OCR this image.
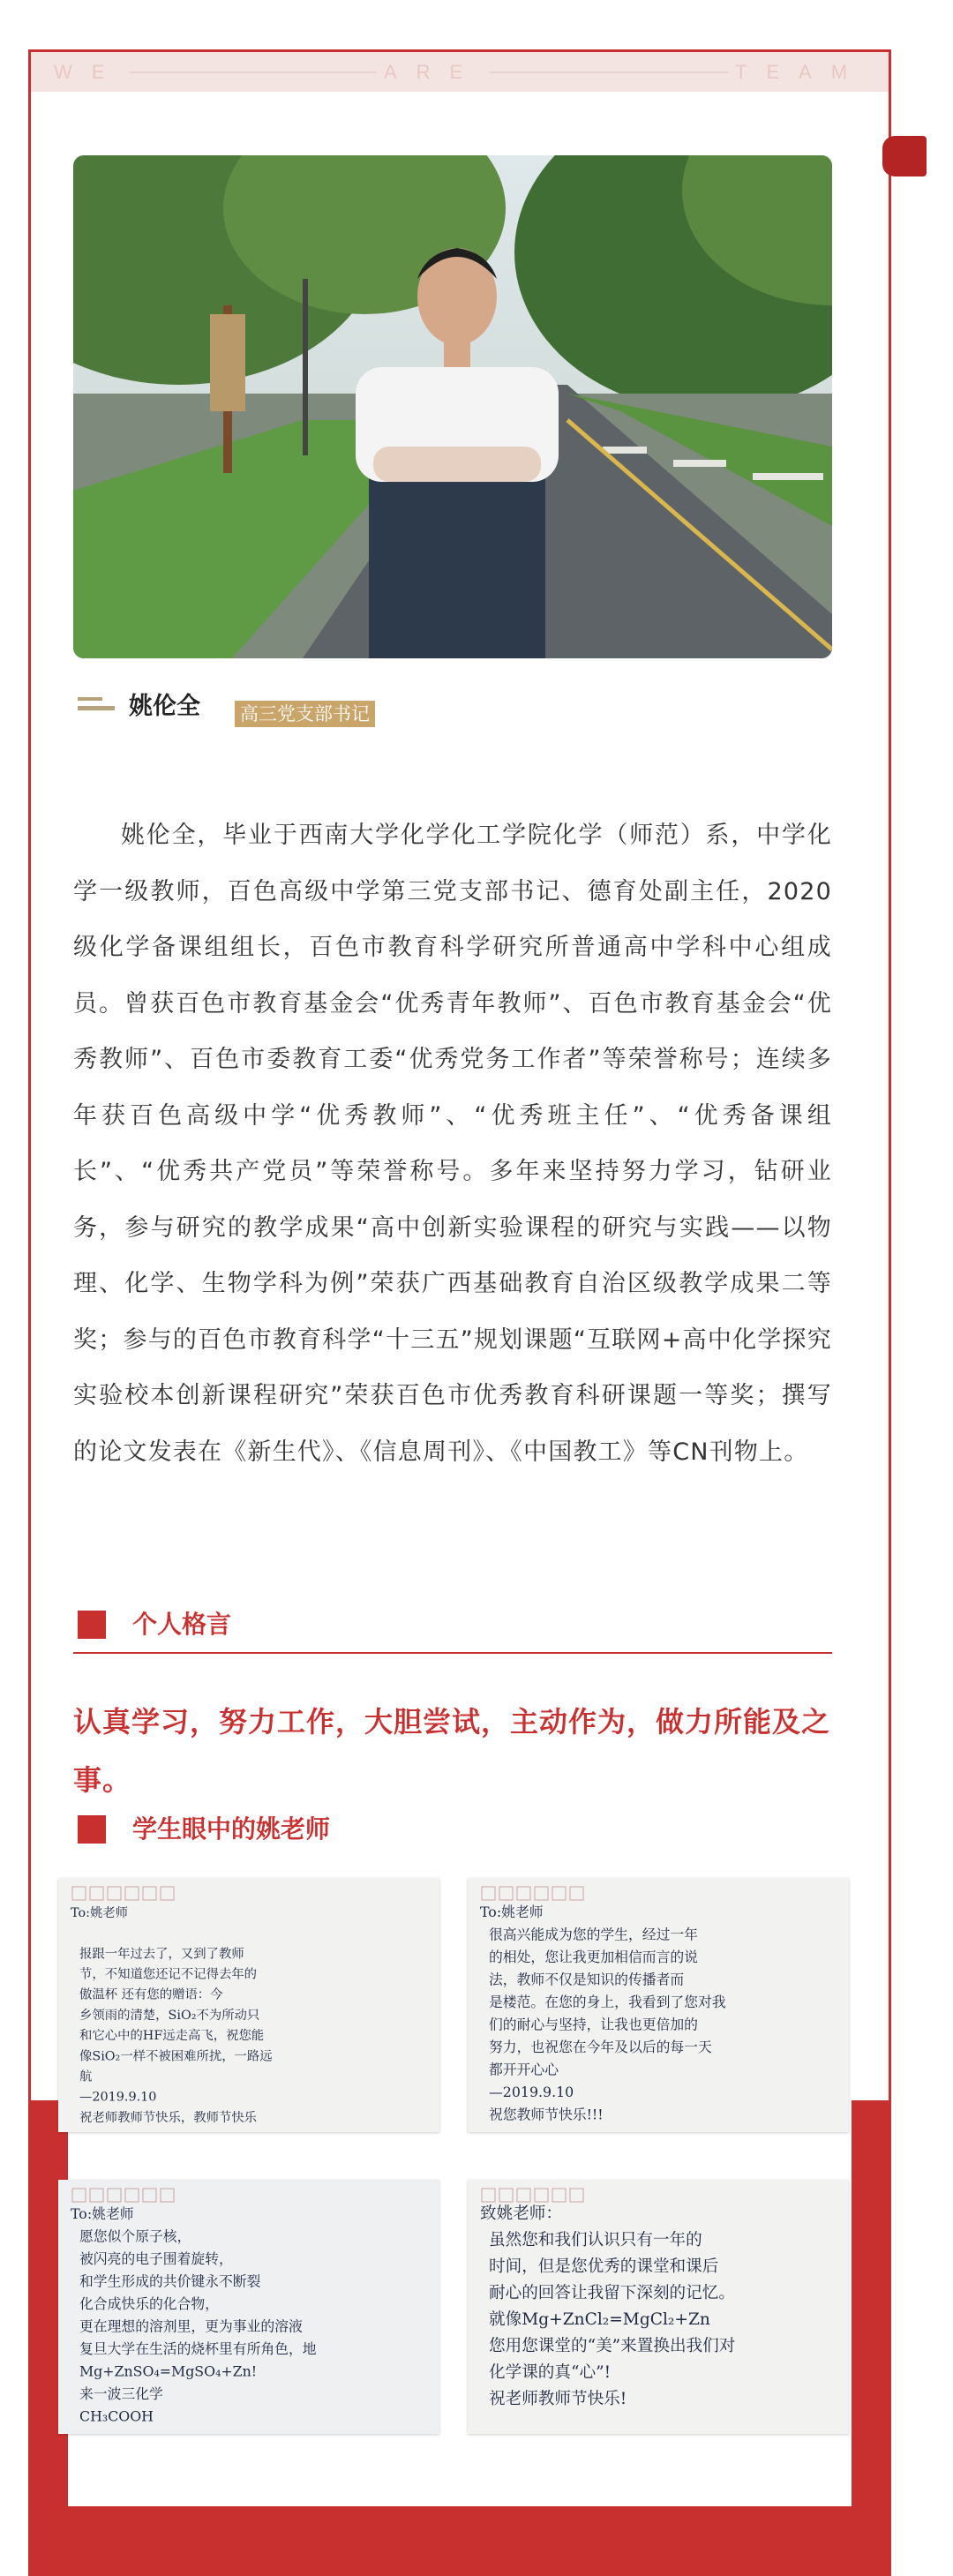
WE	ARE	TEAM
姚伦全 高三党支部书记

姚伦全，毕业于西南大学化学化工学院化学（师范）系，中学化学一级教师，百色高级中学第三党支部书记、德育处副主任，2020级化学备课组组长，百色市教育科学研究所普通高中学科中心组成员。曾获百色市教育基金会“优秀青年教师”、百色市教育基金会“优秀教师”、百色市委教育工委“优秀党务工作者”等荣誉称号；连续多年获百色高级中学“优秀教师”、“优秀班主任”、“优秀备课组长”、“优秀共产党员”等荣誉称号。多年来坚持努力学习，钻研业务，参与研究的教学成果“高中创新实验课程的研究与实践——以物理、化学、生物学科为例”荣获广西基础教育自治区级教学成果二等奖；参与的百色市教育科学“十三五”规划课题“互联网+高中化学探究实验校本创新课程研究”荣获百色市优秀教育科研课题一等奖；撰写的论文发表在《新生代》、《信息周刊》、《中国教工》等CN刊物上。

个人格言

认真学习，努力工作，大胆尝试，主动作为，做力所能及之事。

学生眼中的姚老师
To:姚老师
报跟一年过去了，又到了教师
节，不知道您还记不记得去年的
傲温杯 还有您的赠语：今
乡领雨的清楚，SiO₂不为所动只
和它心中的HF远走高飞，祝您能
像SiO₂一样不被困难所扰，一路远
航
—2019.9.10
祝老师教师节快乐，教师节快乐
To:姚老师
很高兴能成为您的学生，经过一年
的相处，您让我更加相信而言的说
法，教师不仅是知识的传播者而
是楼范。在您的身上，我看到了您对我
们的耐心与坚持，让我也更倍加的
努力，也祝您在今年及以后的每一天
都开开心心
—2019.9.10
祝您教师节快乐!!!
To:姚老师
愿您似个原子核，
被闪亮的电子围着旋转，
和学生形成的共价键永不断裂
化合成快乐的化合物，
更在理想的溶剂里，更为事业的溶液
复旦大学在生活的烧杯里有所角色，地
Mg+ZnSO₄=MgSO₄+Zn!
来一波三化学
CH₃COOH
致姚老师：
虽然您和我们认识只有一年的
时间，但是您优秀的课堂和课后
耐心的回答让我留下深刻的记忆。
就像Mg+ZnCl₂=MgCl₂+Zn
您用您课堂的“美”来置换出我们对
化学课的真“心”!
祝老师教师节快乐!
